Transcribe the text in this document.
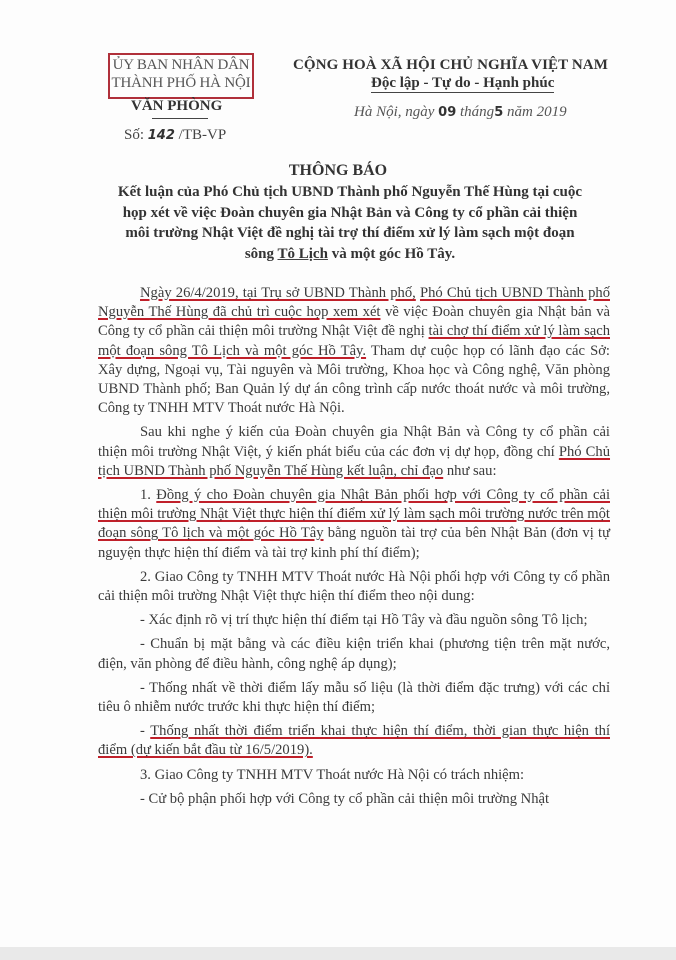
ỦY BAN NHÂN DÂN
THÀNH PHỐ HÀ NỘI
VĂN PHÒNG
Số: 142 /TB-VP
CỘNG HOÀ XÃ HỘI CHỦ NGHĨA VIỆT NAM
Độc lập - Tự do - Hạnh phúc
Hà Nội, ngày 09 tháng5 năm 2019
THÔNG BÁO
Kết luận của Phó Chủ tịch UBND Thành phố Nguyễn Thế Hùng tại cuộc họp xét về việc Đoàn chuyên gia Nhật Bản và Công ty cổ phần cải thiện môi trường Nhật Việt đề nghị tài trợ thí điểm xử lý làm sạch một đoạn sông Tô Lịch và một góc Hồ Tây.

Ngày 26/4/2019, tại Trụ sở UBND Thành phố, Phó Chủ tịch UBND Thành phố Nguyễn Thế Hùng đã chủ trì cuộc họp xem xét về việc Đoàn chuyên gia Nhật bản và Công ty cổ phần cải thiện môi trường Nhật Việt đề nghị tài chợ thí điểm xử lý làm sạch một đoạn sông Tô Lịch và một góc Hồ Tây. Tham dự cuộc họp có lãnh đạo các Sở: Xây dựng, Ngoại vụ, Tài nguyên và Môi trường, Khoa học và Công nghệ, Văn phòng UBND Thành phố; Ban Quản lý dự án công trình cấp nước thoát nước và môi trường, Công ty TNHH MTV Thoát nước Hà Nội.

Sau khi nghe ý kiến của Đoàn chuyên gia Nhật Bản và Công ty cổ phần cải thiện môi trường Nhật Việt, ý kiến phát biểu của các đơn vị dự họp, đồng chí Phó Chủ tịch UBND Thành phố Nguyễn Thế Hùng kết luận, chỉ đạo như sau:

1. Đồng ý cho Đoàn chuyên gia Nhật Bản phối hợp với Công ty cổ phần cải thiện môi trường Nhật Việt thực hiện thí điểm xử lý làm sạch môi trường nước trên một đoạn sông Tô lịch và một góc Hồ Tây bằng nguồn tài trợ của bên Nhật Bản (đơn vị tự nguyện thực hiện thí điểm và tài trợ kinh phí thí điểm);

2. Giao Công ty TNHH MTV Thoát nước Hà Nội phối hợp với Công ty cổ phần cải thiện môi trường Nhật Việt thực hiện thí điểm theo nội dung:

- Xác định rõ vị trí thực hiện thí điểm tại Hồ Tây và đầu nguồn sông Tô lịch;

- Chuẩn bị mặt bằng và các điều kiện triển khai (phương tiện trên mặt nước, điện, văn phòng để điều hành, công nghệ áp dụng);

- Thống nhất về thời điểm lấy mẫu số liệu (là thời điểm đặc trưng) với các chỉ tiêu ô nhiễm nước trước khi thực hiện thí điểm;

- Thống nhất thời điểm triển khai thực hiện thí điểm, thời gian thực hiện thí điểm (dự kiến bắt đầu từ 16/5/2019).

3. Giao Công ty TNHH MTV Thoát nước Hà Nội có trách nhiệm:

- Cử bộ phận phối hợp với Công ty cổ phần cải thiện môi trường Nhật
